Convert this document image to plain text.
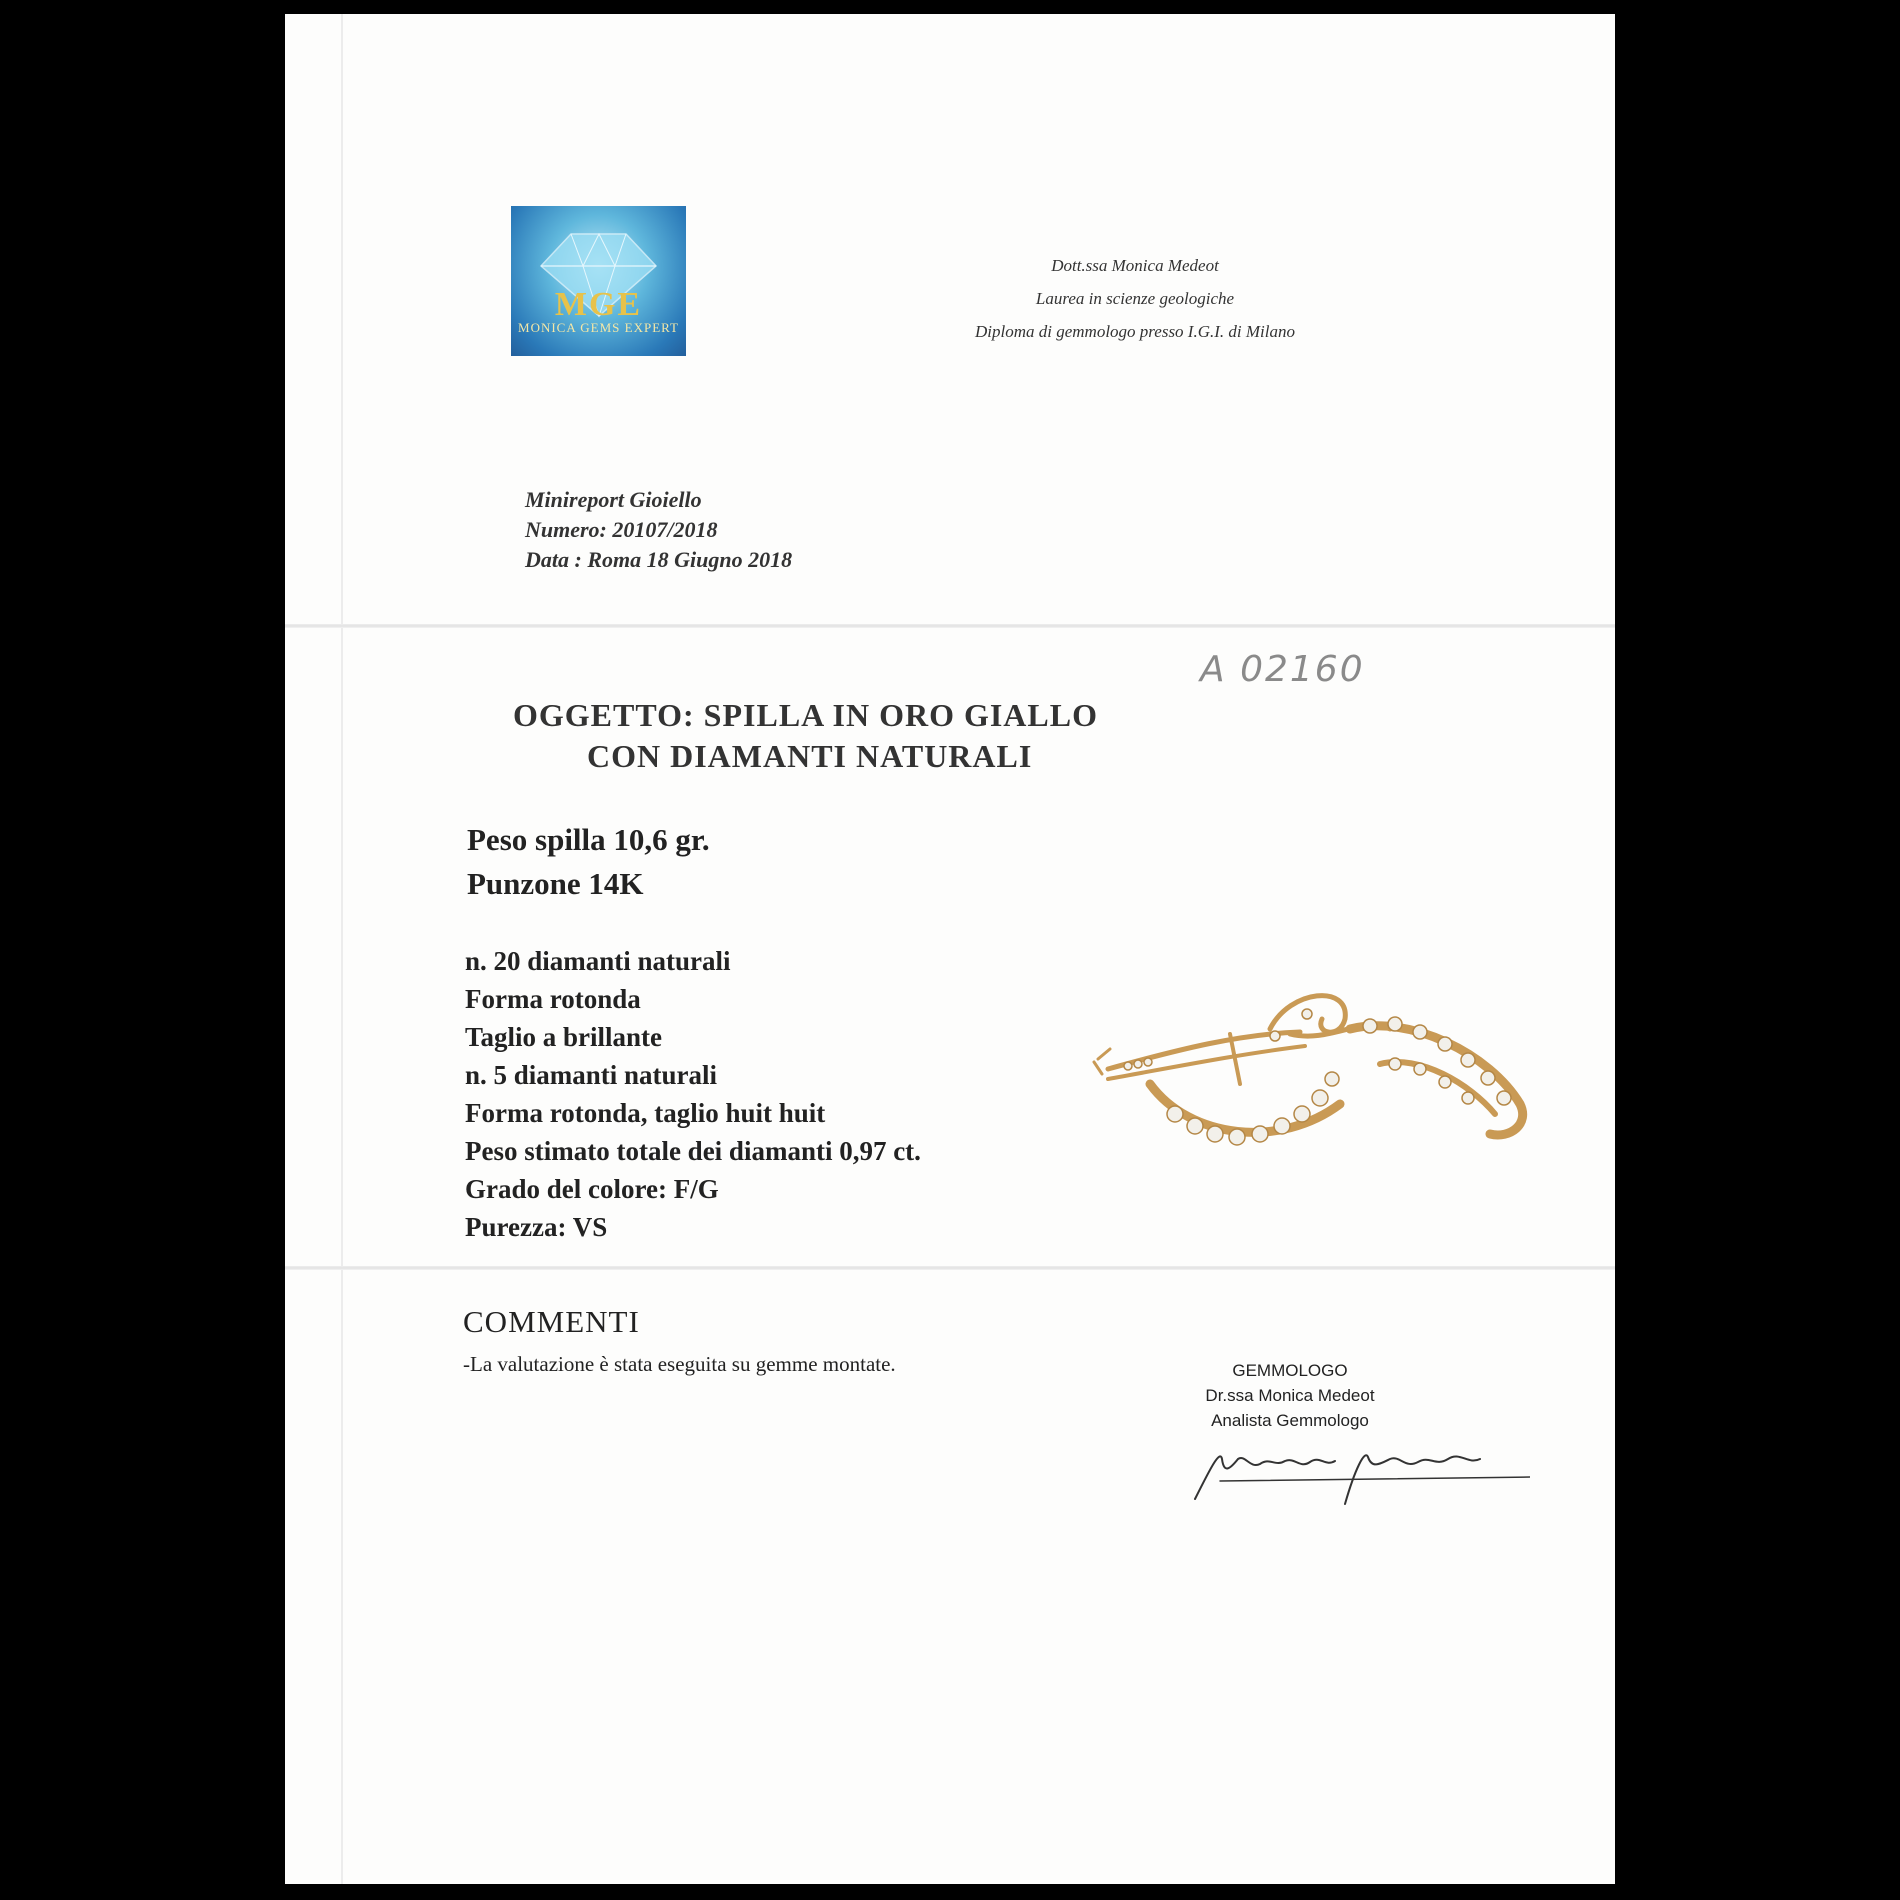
MGE
MONICA GEMS EXPERT
Dott.ssa Monica Medeot
Laurea in scienze geologiche
Diploma di gemmologo presso I.G.I. di Milano
Minireport Gioiello
Numero: 20107/2018
Data : Roma 18 Giugno 2018
A 02160
OGGETTO: SPILLA IN ORO GIALLO
CON DIAMANTI NATURALI
Peso spilla 10,6 gr.
Punzone 14K
n. 20 diamanti naturali
Forma rotonda
Taglio a brillante
n. 5 diamanti naturali
Forma rotonda, taglio huit huit
Peso stimato totale dei diamanti 0,97 ct.
Grado del colore: F/G
Purezza: VS
COMMENTI
-La valutazione è stata eseguita su gemme montate.	GEMMOLOGO
Dr.ssa Monica Medeot
Analista Gemmologo
